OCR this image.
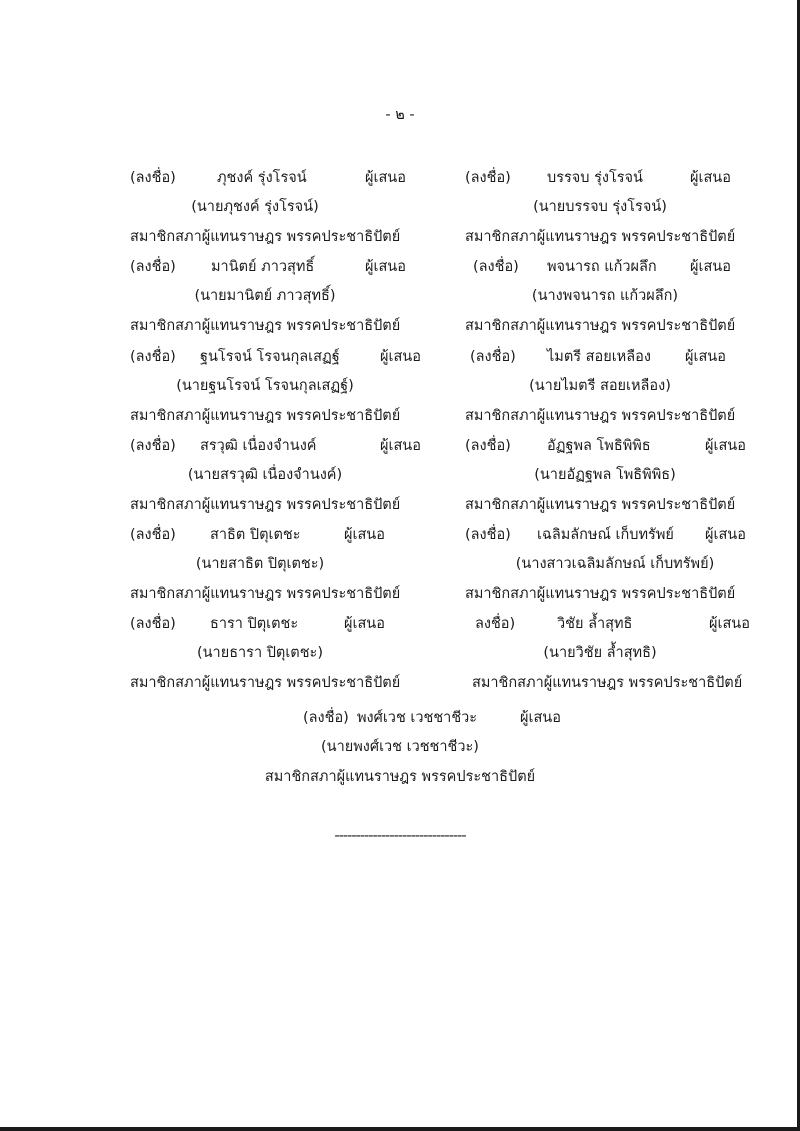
- ๒ -
(ลงชื่อ)	ภุชงค์ รุ่งโรจน์	ผู้เสนอ
(นายภุชงค์ รุ่งโรจน์)
สมาชิกสภาผู้แทนราษฎร พรรคประชาธิปัตย์
(ลงชื่อ) มานิตย์ ภาวสุทธิ์	ผู้เสนอ
(นายมานิตย์ ภาวสุทธิ์)
สมาชิกสภาผู้แทนราษฎร พรรคประชาธิปัตย์
(ลงชื่อ) ฐนโรจน์ โรจนกุลเสฏฐ์	ผู้เสนอ
(นายฐนโรจน์ โรจนกุลเสฏฐ์)
สมาชิกสภาผู้แทนราษฎร พรรคประชาธิปัตย์
(ลงชื่อ) สรวุฒิ เนื่องจำนงค์	ผู้เสนอ
(นายสรวุฒิ เนื่องจำนงค์)
สมาชิกสภาผู้แทนราษฎร พรรคประชาธิปัตย์
(ลงชื่อ) สาธิต ปิตุเตชะ	ผู้เสนอ
(นายสาธิต ปิตุเตชะ)
สมาชิกสภาผู้แทนราษฎร พรรคประชาธิปัตย์
(ลงชื่อ) ธารา ปิตุเตชะ	ผู้เสนอ
(นายธารา ปิตุเตชะ)
สมาชิกสภาผู้แทนราษฎร พรรคประชาธิปัตย์
(ลงชื่อ) บรรจบ รุ่งโรจน์	ผู้เสนอ
(นายบรรจบ รุ่งโรจน์)
สมาชิกสภาผู้แทนราษฎร พรรคประชาธิปัตย์
(ลงชื่อ) พจนารถ แก้วผลึก ผู้เสนอ
(นางพจนารถ แก้วผลึก)
สมาชิกสภาผู้แทนราษฎร พรรคประชาธิปัตย์
(ลงชื่อ) ไมตรี สอยเหลือง ผู้เสนอ
(นายไมตรี สอยเหลือง)
สมาชิกสภาผู้แทนราษฎร พรรคประชาธิปัตย์
(ลงชื่อ) อัฏฐพล โพธิพิพิธ	ผู้เสนอ
(นายอัฏฐพล โพธิพิพิธ)
สมาชิกสภาผู้แทนราษฎร พรรคประชาธิปัตย์
(ลงชื่อ) เฉลิมลักษณ์ เก็บทรัพย์ ผู้เสนอ
(นางสาวเฉลิมลักษณ์ เก็บทรัพย์)
สมาชิกสภาผู้แทนราษฎร พรรคประชาธิปัตย์
ลงชื่อ)	วิชัย ล้ำสุทธิ	ผู้เสนอ
(นายวิชัย ล้ำสุทธิ)
สมาชิกสภาผู้แทนราษฎร พรรคประชาธิปัตย์
(ลงชื่อ) พงศ์เวช เวชชาชีวะ	ผู้เสนอ
(นายพงศ์เวช เวชชาชีวะ)
สมาชิกสภาผู้แทนราษฎร พรรคประชาธิปัตย์
-------------------------------
